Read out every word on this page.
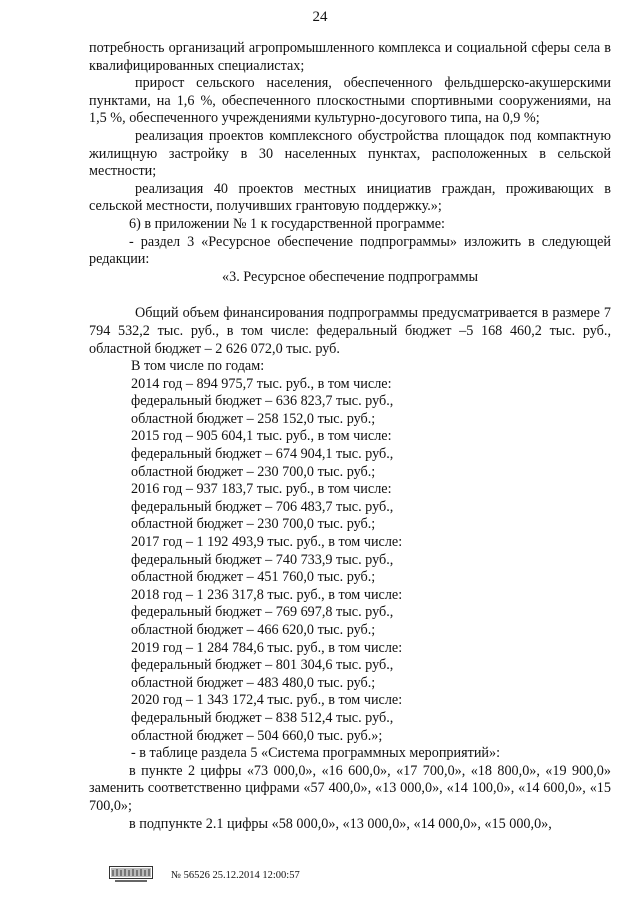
24

потребность организаций агропромышленного комплекса и социальной сферы села в квалифицированных специалистах;

прирост сельского населения, обеспеченного фельдшерско-акушерскими пунктами, на 1,6 %, обеспеченного плоскостными спортивными сооружениями, на 1,5 %, обеспеченного учреждениями культурно-досугового типа, на 0,9 %;

реализация проектов комплексного обустройства площадок под компактную жилищную застройку в 30 населенных пунктах, расположенных в сельской местности;

реализация 40 проектов местных инициатив граждан, проживающих в сельской местности, получивших грантовую поддержку.»;

6) в приложении № 1 к государственной программе:

- раздел 3 «Ресурсное обеспечение подпрограммы» изложить в следующей редакции:

«3. Ресурсное обеспечение подпрограммы

Общий объем финансирования подпрограммы предусматривается в размере 7 794 532,2 тыс. руб., в том числе: федеральный бюджет –5 168 460,2 тыс. руб., областной бюджет – 2 626 072,0 тыс. руб.

В том числе по годам:
2014 год – 894 975,7 тыс. руб., в том числе:
федеральный бюджет – 636 823,7 тыс. руб.,
областной бюджет – 258 152,0 тыс. руб.;
2015 год – 905 604,1 тыс. руб., в том числе:
федеральный бюджет – 674 904,1 тыс. руб.,
областной бюджет – 230 700,0 тыс. руб.;
2016 год – 937 183,7 тыс. руб., в том числе:
федеральный бюджет – 706 483,7 тыс. руб.,
областной бюджет – 230 700,0 тыс. руб.;
2017 год – 1 192 493,9 тыс. руб., в том числе:
федеральный бюджет – 740 733,9 тыс. руб.,
областной бюджет – 451 760,0 тыс. руб.;
2018 год – 1 236 317,8 тыс. руб., в том числе:
федеральный бюджет – 769 697,8 тыс. руб.,
областной бюджет – 466 620,0 тыс. руб.;
2019 год – 1 284 784,6 тыс. руб., в том числе:
федеральный бюджет – 801 304,6 тыс. руб.,
областной бюджет – 483 480,0 тыс. руб.;
2020 год – 1 343 172,4 тыс. руб., в том числе:
федеральный бюджет – 838 512,4 тыс. руб.,
областной бюджет – 504 660,0 тыс. руб.»;
- в таблице раздела 5 «Система программных мероприятий»:

в пункте 2 цифры «73 000,0», «16 600,0», «17 700,0», «18 800,0», «19 900,0» заменить соответственно цифрами «57 400,0», «13 000,0», «14 100,0», «14 600,0», «15 700,0»;

в подпункте 2.1 цифры «58 000,0», «13 000,0», «14 000,0», «15 000,0»,

№ 56526 25.12.2014 12:00:57
